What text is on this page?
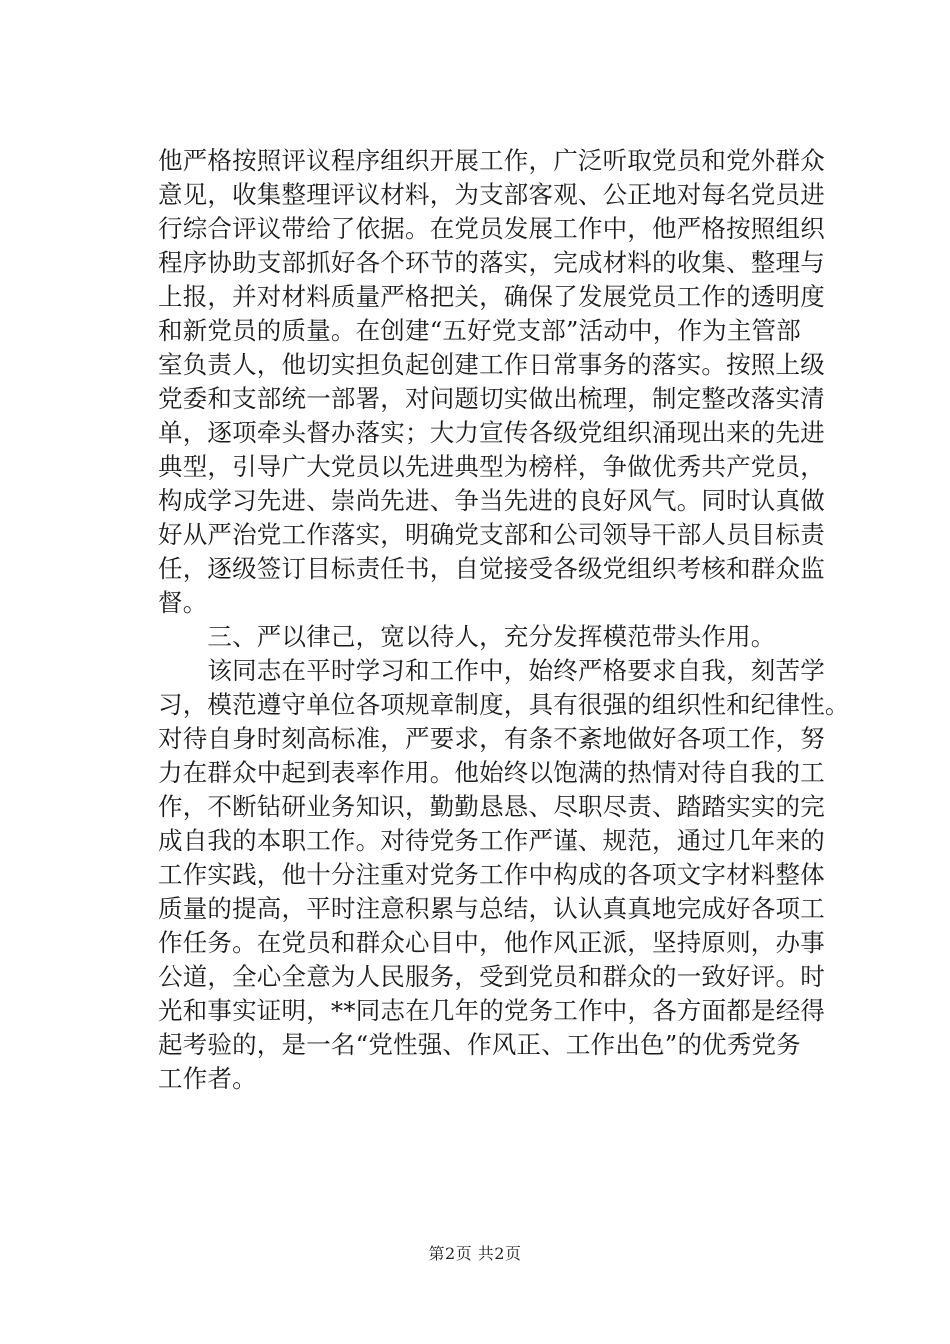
他严格按照评议程序组织开展工作，广泛听取党员和党外群众
意见，收集整理评议材料，为支部客观、公正地对每名党员进
行综合评议带给了依据。在党员发展工作中，他严格按照组织
程序协助支部抓好各个环节的落实，完成材料的收集、整理与
上报，并对材料质量严格把关，确保了发展党员工作的透明度
和新党员的质量。在创建“五好党支部”活动中，作为主管部
室负责人，他切实担负起创建工作日常事务的落实。按照上级
党委和支部统一部署，对问题切实做出梳理，制定整改落实清
单，逐项牵头督办落实；大力宣传各级党组织涌现出来的先进
典型，引导广大党员以先进典型为榜样，争做优秀共产党员，
构成学习先进、崇尚先进、争当先进的良好风气。同时认真做
好从严治党工作落实，明确党支部和公司领导干部人员目标责
任，逐级签订目标责任书，自觉接受各级党组织考核和群众监
督。
　　三、严以律己，宽以待人，充分发挥模范带头作用。
　　该同志在平时学习和工作中，始终严格要求自我，刻苦学
习，模范遵守单位各项规章制度，具有很强的组织性和纪律性。
对待自身时刻高标准，严要求，有条不紊地做好各项工作，努
力在群众中起到表率作用。他始终以饱满的热情对待自我的工
作，不断钻研业务知识，勤勤恳恳、尽职尽责、踏踏实实的完
成自我的本职工作。对待党务工作严谨、规范，通过几年来的
工作实践，他十分注重对党务工作中构成的各项文字材料整体
质量的提高，平时注意积累与总结，认认真真地完成好各项工
作任务。在党员和群众心目中，他作风正派，坚持原则，办事
公道，全心全意为人民服务，受到党员和群众的一致好评。时
光和事实证明，**同志在几年的党务工作中，各方面都是经得
起考验的，是一名“党性强、作风正、工作出色”的优秀党务
工作者。
第2页 共2页
